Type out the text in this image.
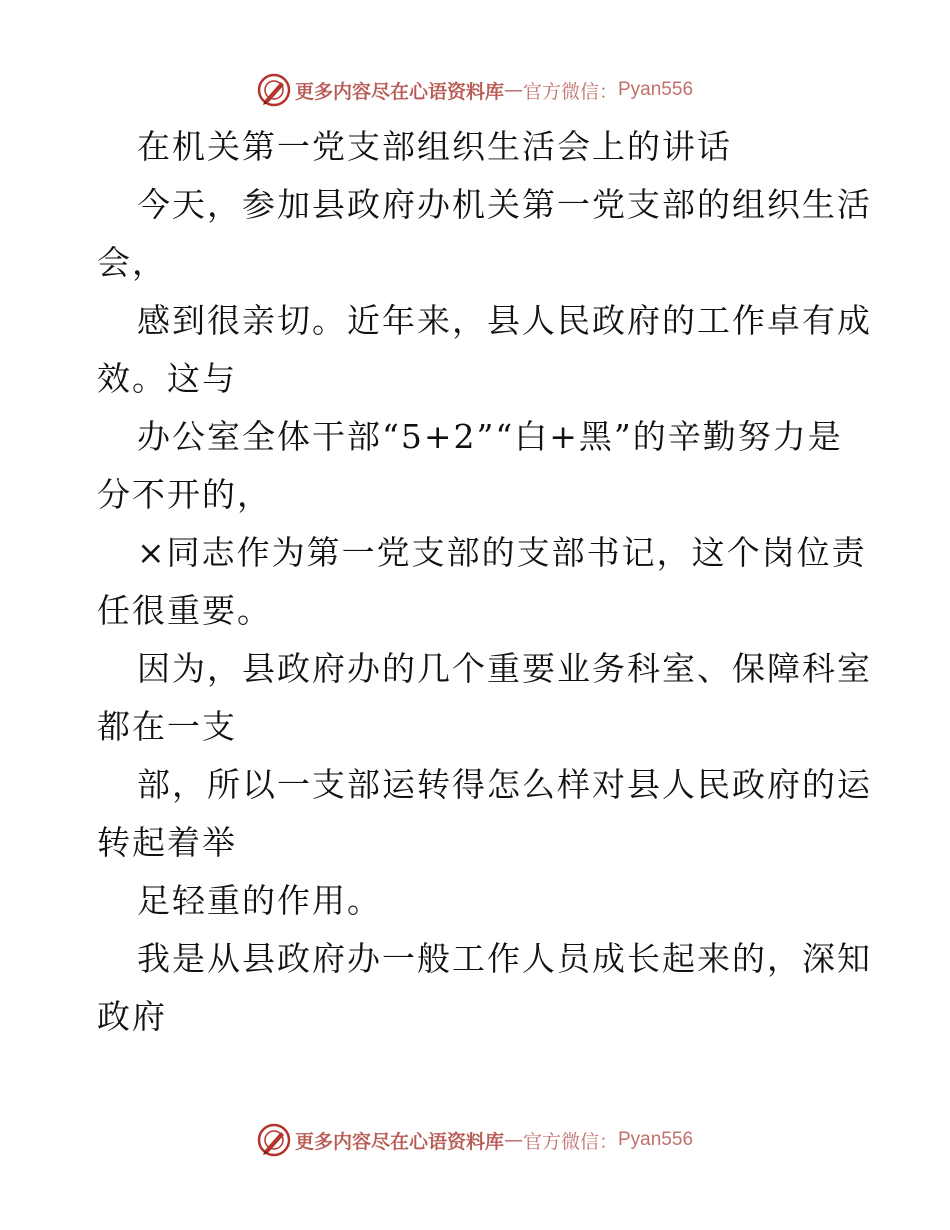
更多内容尽在心语资料库 — 官方微信： Pyan556
在机关第一党支部组织生活会上的讲话
今天，参加县政府办机关第一党支部的组织生活
会，
感到很亲切。近年来，县人民政府的工作卓有成
效。这与
办公室全体干部“5+2”“白+黑”的辛勤努力是
分不开的，
×同志作为第一党支部的支部书记，这个岗位责
任很重要。
因为，县政府办的几个重要业务科室、保障科室
都在一支
部，所以一支部运转得怎么样对县人民政府的运
转起着举
足轻重的作用。
我是从县政府办一般工作人员成长起来的，深知
政府
更多内容尽在心语资料库 — 官方微信： Pyan556
